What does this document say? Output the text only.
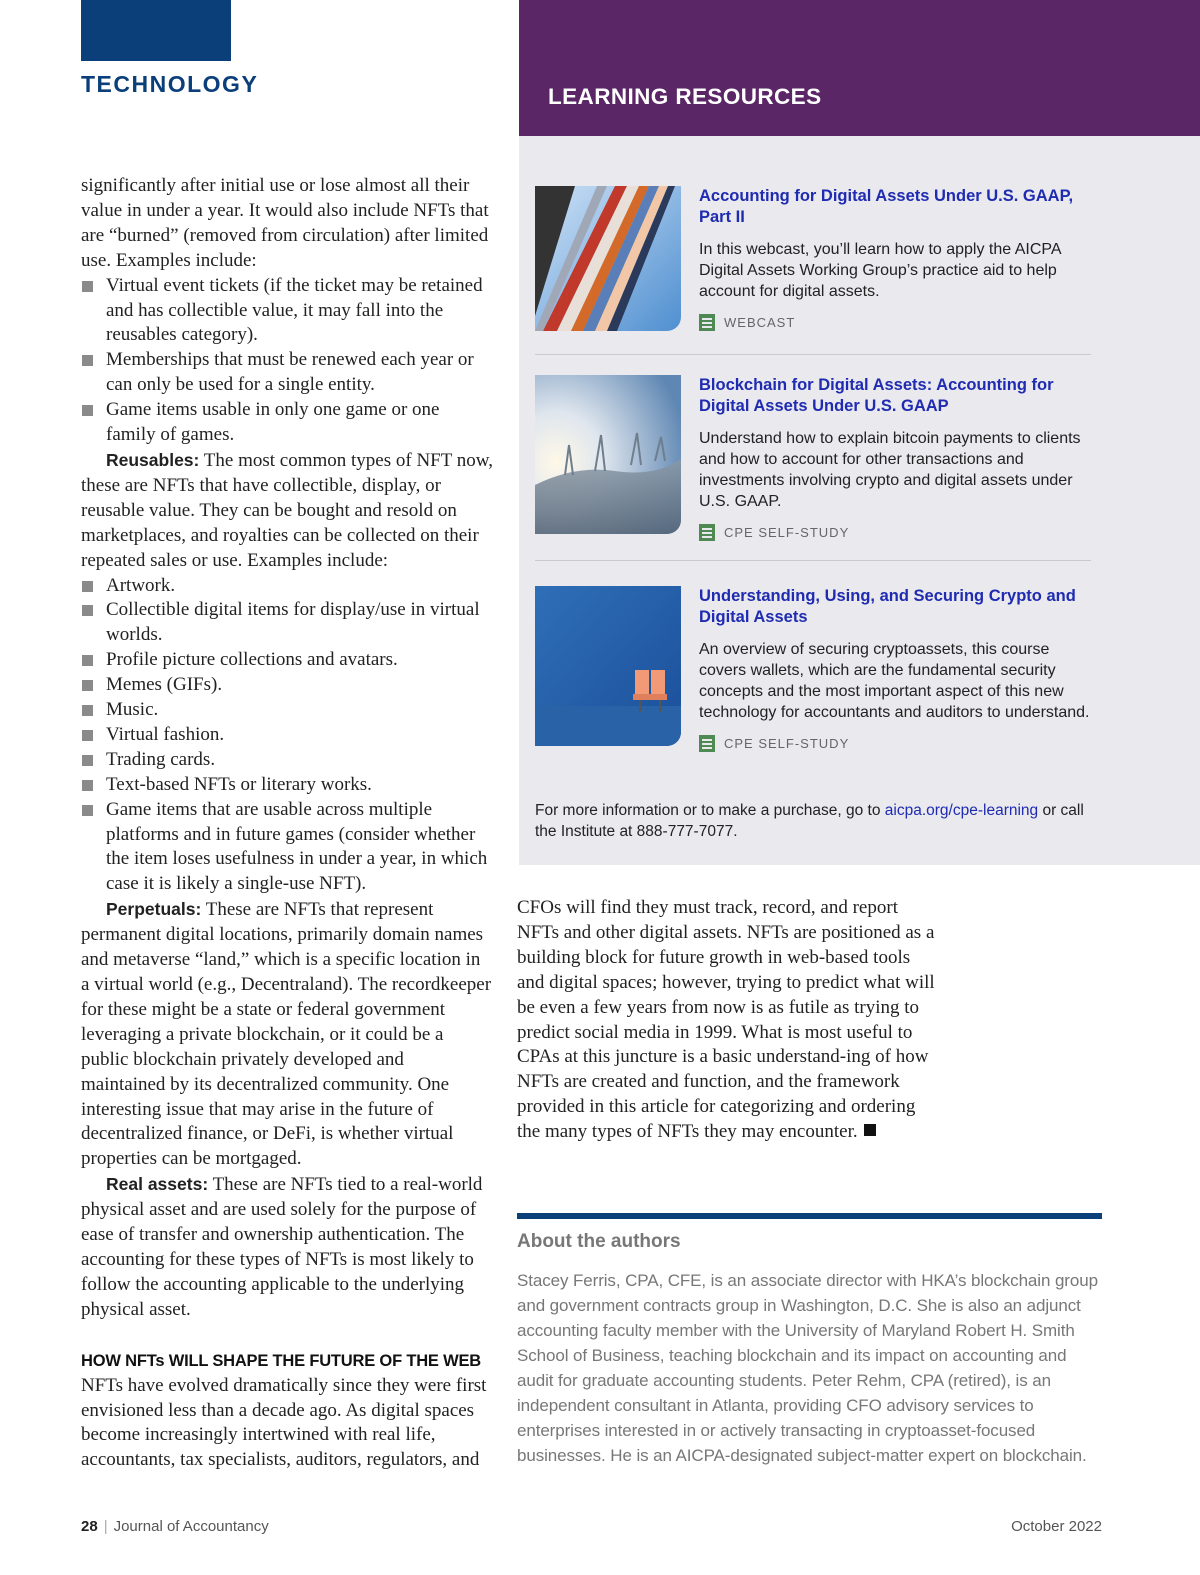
TECHNOLOGY	LEARNING RESOURCES

Accounting for Digital Assets Under U.S. GAAP, Part II

In this webcast, you’ll learn how to apply the AICPA Digital Assets Working Group’s practice aid to help account for digital assets.

WEBCAST

Blockchain for Digital Assets: Accounting for Digital Assets Under U.S. GAAP

Understand how to explain bitcoin payments to clients and how to account for other transactions and investments involving crypto and digital assets under U.S. GAAP.

CPE SELF-STUDY

Understanding, Using, and Securing Crypto and Digital Assets

An overview of securing cryptoassets, this course covers wallets, which are the fundamental security concepts and the most important aspect of this new technology for accountants and auditors to understand.

CPE SELF-STUDY
For more information or to make a purchase, go to aicpa.org/cpe-learning or call the Institute at 888-777-7077.

significantly after initial use or lose almost all their value in under a year. It would also include NFTs that are “burned” (removed from circulation) after limited use. Examples include:

Virtual event tickets (if the ticket may be retained and has collectible value, it may fall into the reusables category).
Memberships that must be renewed each year or can only be used for a single entity.
Game items usable in only one game or one family of games.

Reusables: The most common types of NFT now, these are NFTs that have collectible, display, or reusable value. They can be bought and resold on marketplaces, and royalties can be collected on their repeated sales or use. Examples include:

Artwork.
Collectible digital items for display/use in virtual worlds.
Profile picture collections and avatars.
Memes (GIFs).
Music.
Virtual fashion.
Trading cards.
Text-based NFTs or literary works.
Game items that are usable across multiple platforms and in future games (consider whether the item loses usefulness in under a year, in which case it is likely a single-use NFT).

Perpetuals: These are NFTs that represent permanent digital locations, primarily domain names and metaverse “land,” which is a specific location in a virtual world (e.g., Decentraland). The recordkeeper for these might be a state or federal government leveraging a private blockchain, or it could be a public blockchain privately developed and maintained by its decentralized community. One interesting issue that may arise in the future of decentralized finance, or DeFi, is whether virtual properties can be mortgaged.

Real assets: These are NFTs tied to a real-world physical asset and are used solely for the purpose of ease of transfer and ownership authentication. The accounting for these types of NFTs is most likely to follow the accounting applicable to the underlying physical asset.

HOW NFTs WILL SHAPE THE FUTURE OF THE WEB

NFTs have evolved dramatically since they were first envisioned less than a decade ago. As digital spaces become increasingly intertwined with real life, accountants, tax specialists, auditors, regulators, and

CFOs will find they must track, record, and report NFTs and other digital assets. NFTs are positioned as a building block for future growth in web-based tools and digital spaces; however, trying to predict what will be even a few years from now is as futile as trying to predict social media in 1999. What is most useful to CPAs at this juncture is a basic understand-ing of how NFTs are created and function, and the framework provided in this article for categorizing and ordering the many types of NFTs they may encounter.

About the authors

Stacey Ferris, CPA, CFE, is an associate director with HKA’s blockchain group and government contracts group in Washington, D.C. She is also an adjunct accounting faculty member with the University of Maryland Robert H. Smith School of Business, teaching blockchain and its impact on accounting and audit for graduate accounting students. Peter Rehm, CPA (retired), is an independent consultant in Atlanta, providing CFO advisory services to enterprises interested in or actively transacting in cryptoasset-focused businesses. He is an AICPA-designated subject-matter expert on blockchain.

28 | Journal of Accountancy	October 2022
